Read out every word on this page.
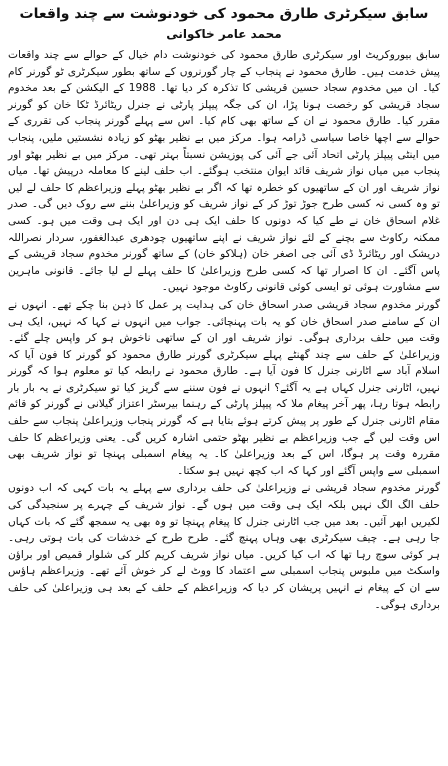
سابق سیکرٹری طارق محمود کی خودنوشت سے چند واقعات
محمد عامر خاکوانی

سابق بیوروکریٹ اور سیکرٹری طارق محمود کی خودنوشت دام خیال کے حوالے سے چند واقعات پیش خدمت ہیں۔ طارق محمود نے پنجاب کے چار گورنروں کے ساتھ بطور سیکرٹری ٹو گورنر کام کیا۔ ان میں مخدوم سجاد حسین قریشی کا تذکرہ کر دیا تھا۔ 1988 کے الیکشن کے بعد مخدوم سجاد قریشی کو رخصت ہونا پڑا، ان کی جگہ پیپلز پارٹی نے جنرل ریٹائرڈ ٹکا خان کو گورنر مقرر کیا۔ طارق محمود نے ان کے ساتھ بھی کام کیا۔ اس سے پہلے گورنر پنجاب کی تقرری کے حوالے سے اچھا خاصا سیاسی ڈرامہ ہوا۔ مرکز میں بے نظیر بھٹو کو زیادہ نشستیں ملیں، پنجاب میں اینٹی پیپلز پارٹی اتحاد آئی جے آئی کی پوزیشن نسبتاً بہتر تھی۔ مرکز میں بے نظیر بھٹو اور پنجاب میں میاں نواز شریف قائد ایوان منتخب ہوگئے۔ اب حلف لینے کا معاملہ درپیش تھا۔ میاں نواز شریف اور ان کے ساتھیوں کو خطرہ تھا کہ اگر بے نظیر بھٹو پہلے وزیراعظم کا حلف لے لیں تو وہ کسی نہ کسی طرح جوڑ توڑ کر کے نواز شریف کو وزیراعلیٰ بننے سے روک دیں گی۔ صدر غلام اسحاق خان نے طے کیا کہ دونوں کا حلف ایک ہی دن اور ایک ہی وقت میں ہو۔ کسی ممکنہ رکاوٹ سے بچنے کے لئے نواز شریف نے اپنے ساتھیوں چودھری عبدالغفور، سردار نصراللہ دریشک اور ریٹائرڈ ڈی آئی جی اصغر خان (ہلاکو خان) کے ساتھ گورنر مخدوم سجاد قریشی کے پاس آگئے۔ ان کا اصرار تھا کہ کسی طرح وزیراعلیٰ کا حلف پہلے لے لیا جائے۔ قانونی ماہرین سے مشاورت ہوئی تو ایسی کوئی قانونی رکاوٹ موجود نہیں۔

گورنر مخدوم سجاد قریشی صدر اسحاق خان کی ہدایت پر عمل کا ذہن بنا چکے تھے۔ انہوں نے ان کے سامنے صدر اسحاق خان کو یہ بات پہنچائی۔ جواب میں انہوں نے کہا کہ نہیں، ایک ہی وقت میں حلف برداری ہوگی۔ نواز شریف اور ان کے ساتھی ناخوش ہو کر واپس چلے گئے۔ وزیراعلیٰ کے حلف سے چند گھنٹے پہلے سیکرٹری گورنر طارق محمود کو گورنر کا فون آیا کہ اسلام آباد سے اٹارنی جنرل کا فون آیا ہے۔ طارق محمود نے رابطہ کیا تو معلوم ہوا کہ گورنر نہیں، اٹارنی جنرل کہاں ہے یہ آگئے؟ انہوں نے فون سننے سے گریز کیا تو سیکرٹری نے یہ بار بار رابطہ ہوتا رہا، پھر آخر پیغام ملا کہ پیپلز پارٹی کے رہنما بیرسٹر اعتزاز گیلانی نے گورنر کو قائم مقام اٹارنی جنرل کے طور پر پیش کرتے ہوئے بتایا ہے کہ گورنر پنجاب وزیراعلیٰ پنجاب سے حلف اس وقت لیں گے جب وزیراعظم بے نظیر بھٹو حتمی اشارہ کریں گی۔ یعنی وزیراعظم کا حلف مقررہ وقت پر ہوگا، اس کے بعد وزیراعلیٰ کا۔ یہ پیغام اسمبلی پہنچا تو نواز شریف بھی اسمبلی سے واپس آگئے اور کہا کہ اب کچھ نہیں ہو سکتا۔

گورنر مخدوم سجاد قریشی نے وزیراعلیٰ کی حلف برداری سے پہلے یہ بات کہی کہ اب دونوں حلف الگ الگ نہیں بلکہ ایک ہی وقت میں ہوں گے۔ نواز شریف کے چہرے پر سنجیدگی کی لکیریں ابھر آئیں۔ بعد میں جب اٹارنی جنرل کا پیغام پہنچا تو وہ بھی یہ سمجھ گئے کہ بات کہاں جا رہی ہے۔ چیف سیکرٹری بھی وہاں پہنچ گئے۔ طرح طرح کے خدشات کی بات ہوتی رہی۔ ہر کوئی سوچ رہا تھا کہ اب کیا کریں۔ میاں نواز شریف کریم کلر کی شلوار قمیص اور براؤن واسکٹ میں ملبوس پنجاب اسمبلی سے اعتماد کا ووٹ لے کر خوش آئے تھے۔ وزیراعظم ہاؤس سے ان کے پیغام نے انہیں پریشان کر دیا کہ وزیراعظم کے حلف کے بعد ہی وزیراعلیٰ کی حلف برداری ہوگی۔
